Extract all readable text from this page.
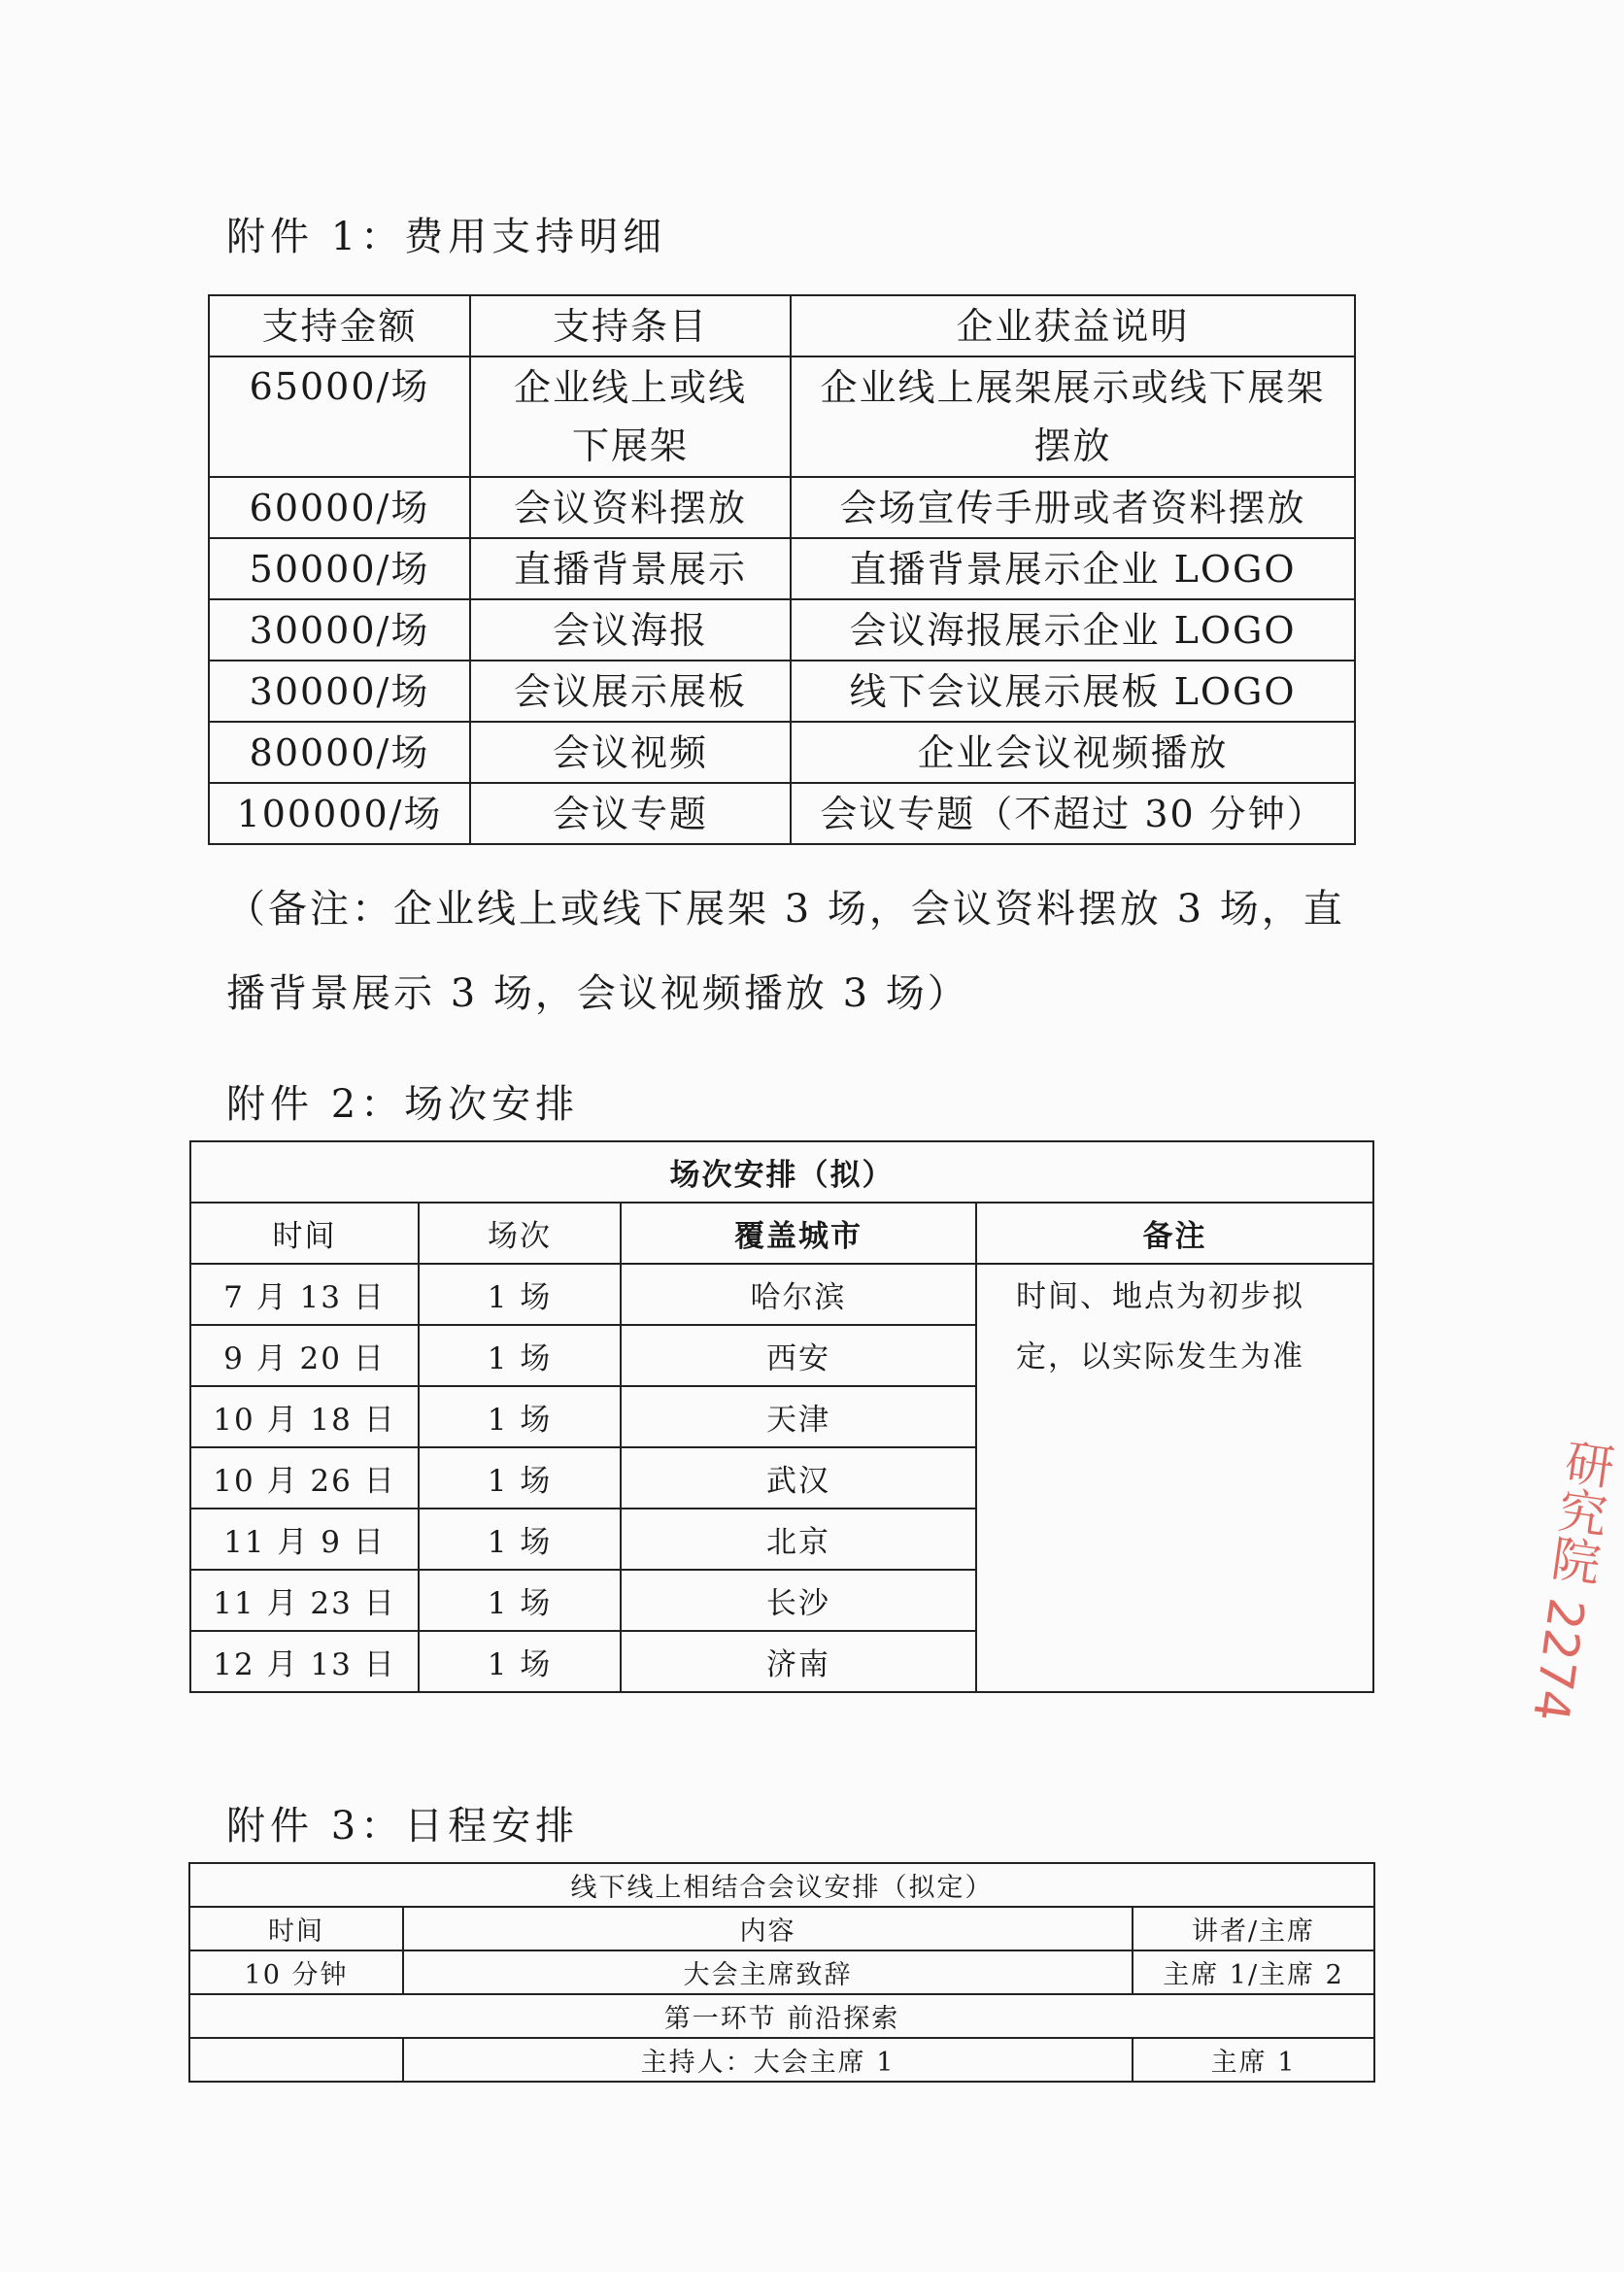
附件 1：费用支持明细
支持金额	支持条目	企业获益说明
65000/场	企业线上或线下展架	企业线上展架展示或线下展架摆放
60000/场	会议资料摆放	会场宣传手册或者资料摆放
50000/场	直播背景展示	直播背景展示企业 LOGO
30000/场	会议海报	会议海报展示企业 LOGO
30000/场	会议展示展板	线下会议展示展板 LOGO
80000/场	会议视频	企业会议视频播放
100000/场	会议专题	会议专题（不超过 30 分钟）
（备注：企业线上或线下展架 3 场，会议资料摆放 3 场，直播背景展示 3 场，会议视频播放 3 场）
附件 2：场次安排
场次安排（拟）			
时间	场次	覆盖城市	备注
7 月 13 日	1 场	哈尔滨	时间、地点为初步拟定，以实际发生为准
9 月 20 日	1 场	西安	
10 月 18 日	1 场	天津	
10 月 26 日	1 场	武汉	
11 月 9 日	1 场	北京	
11 月 23 日	1 场	长沙	
12 月 13 日	1 场	济南	
附件 3：日程安排
线下线上相结合会议安排（拟定）		
时间	内容	讲者/主席
10 分钟	大会主席致辞	主席 1/主席 2
第一环节 前沿探索		
	主持人：大会主席 1	主席 1
研究院 2274
